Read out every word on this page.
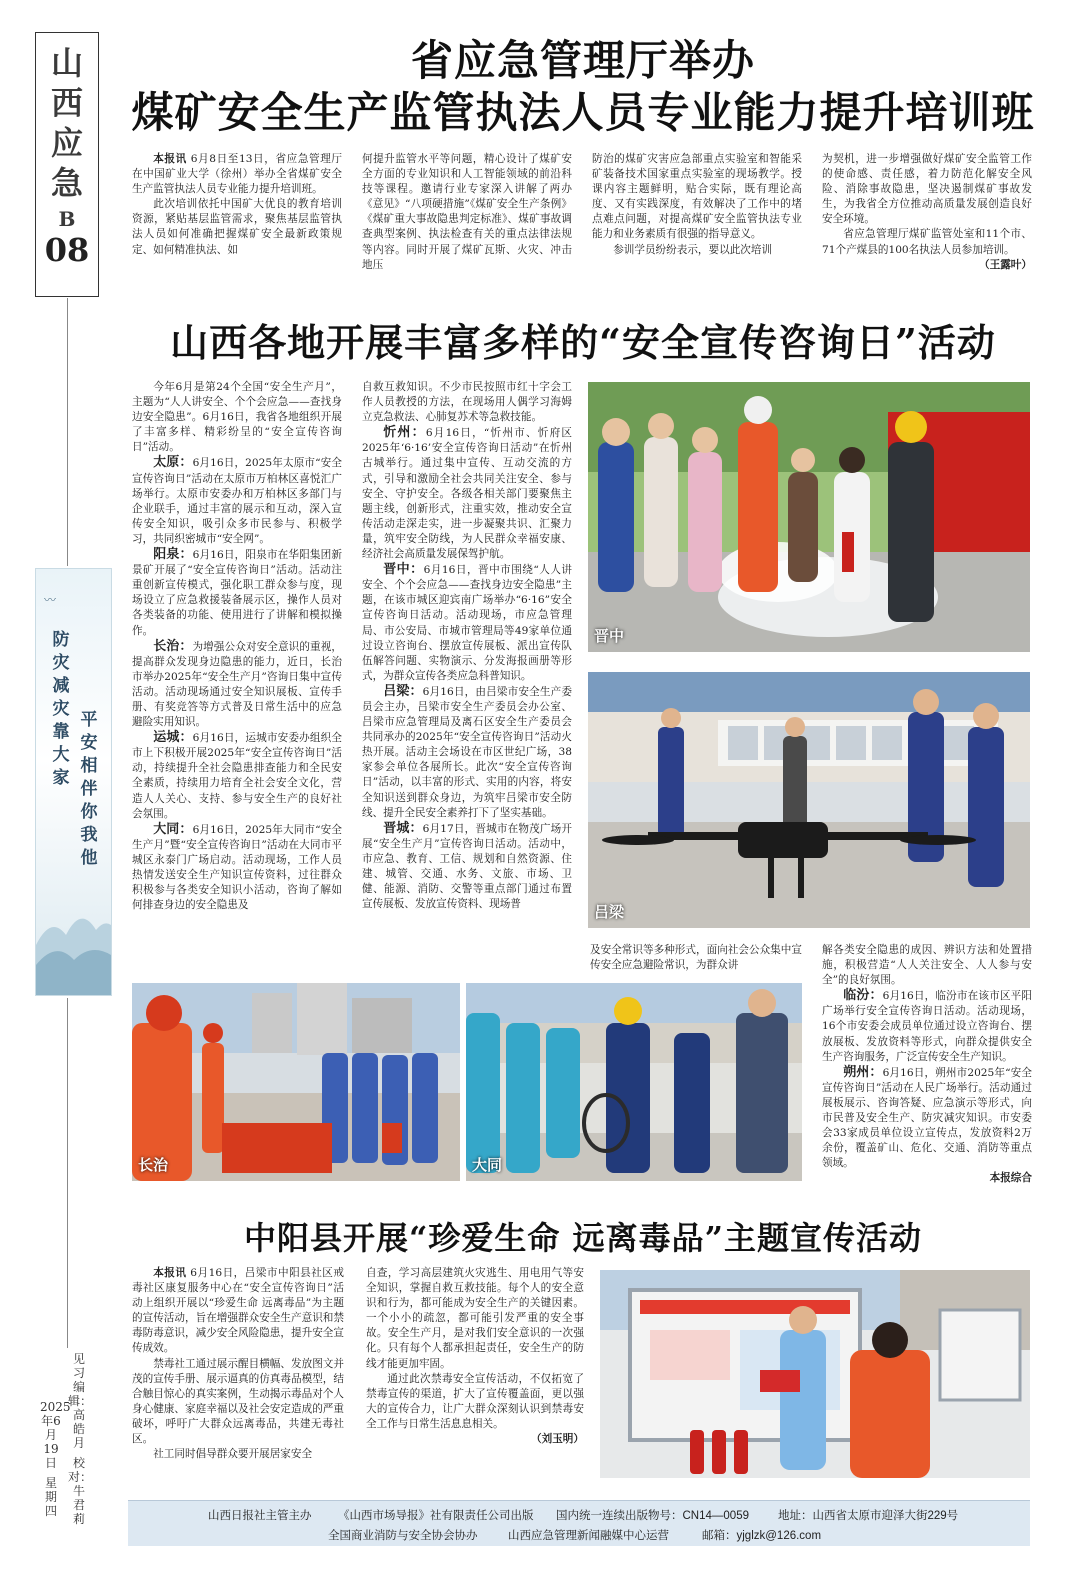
山
西
应
急
B
08
〰
防灾减灾靠大家
平安相伴你我他
见习编辑：高皓月
校对：牛君莉
2025年6月19日
星期四
省应急管理厅举办
煤矿安全生产监管执法人员专业能力提升培训班

本报讯 6月8日至13日，省应急管理厅在中国矿业大学（徐州）举办全省煤矿安全生产监管执法人员专业能力提升培训班。

此次培训依托中国矿大优良的教育培训资源，紧贴基层监管需求，聚焦基层监管执法人员如何准确把握煤矿安全最新政策规定、如何精准执法、如

何提升监管水平等问题，精心设计了煤矿安全方面的专业知识和人工智能领域的前沿科技等课程。邀请行业专家深入讲解了两办《意见》“八项硬措施”《煤矿安全生产条例》《煤矿重大事故隐患判定标准》、煤矿事故调查典型案例、执法检查有关的重点法律法规等内容。同时开展了煤矿瓦斯、火灾、冲击地压

防治的煤矿灾害应急部重点实验室和智能采矿装备技术国家重点实验室的现场教学。授课内容主题鲜明，贴合实际，既有理论高度、又有实践深度，有效解决了工作中的堵点难点问题，对提高煤矿安全监管执法专业能力和业务素质有很强的指导意义。

参训学员纷纷表示，要以此次培训

为契机，进一步增强做好煤矿安全监管工作的使命感、责任感，着力防范化解安全风险、消除事故隐患，坚决遏制煤矿事故发生，为我省全方位推动高质量发展创造良好安全环境。

省应急管理厅煤矿监管处室和11个市、71个产煤县的100名执法人员参加培训。

（王露叶）

山西各地开展丰富多样的“安全宣传咨询日”活动

今年6月是第24个全国“安全生产月”，主题为“人人讲安全、个个会应急——查找身边安全隐患”。6月16日，我省各地组织开展了丰富多样、精彩纷呈的“安全宣传咨询日”活动。

太原：6月16日，2025年太原市“安全宣传咨询日”活动在太原市万柏林区喜悦汇广场举行。太原市安委办和万柏林区多部门与企业联手，通过丰富的展示和互动，深入宣传安全知识，吸引众多市民参与、积极学习，共同织密城市“安全网”。

阳泉：6月16日，阳泉市在华阳集团新景矿开展了“安全宣传咨询日”活动。活动注重创新宣传模式，强化职工群众参与度，现场设立了应急救援装备展示区，操作人员对各类装备的功能、使用进行了讲解和模拟操作。

长治：为增强公众对安全意识的重视，提高群众发现身边隐患的能力，近日，长治市举办2025年“安全生产月”咨询日集中宣传活动。活动现场通过安全知识展板、宣传手册、有奖竞答等方式普及日常生活中的应急避险实用知识。

运城：6月16日，运城市安委办组织全市上下积极开展2025年“安全宣传咨询日”活动，持续提升全社会隐患排查能力和全民安全素质，持续用力培育全社会安全文化，营造人人关心、支持、参与安全生产的良好社会氛围。

大同：6月16日，2025年大同市“安全生产月”暨“安全宣传咨询日”活动在大同市平城区永泰门广场启动。活动现场，工作人员热情发送安全生产知识宣传资料，过往群众积极参与各类安全知识小活动，咨询了解如何排查身边的安全隐患及

自救互救知识。不少市民按照市红十字会工作人员教授的方法，在现场用人偶学习海姆立克急救法、心肺复苏术等急救技能。

忻州：6月16日，“忻州市、忻府区2025年‘6·16’安全宣传咨询日活动”在忻州古城举行。通过集中宣传、互动交流的方式，引导和激励全社会共同关注安全、参与安全、守护安全。各级各相关部门要聚焦主题主线，创新形式，注重实效，推动安全宣传活动走深走实，进一步凝聚共识、汇聚力量，筑牢安全防线，为人民群众幸福安康、经济社会高质量发展保驾护航。

晋中：6月16日，晋中市围绕“人人讲安全、个个会应急——查找身边安全隐患”主题，在该市城区迎宾南广场举办“6·16”安全宣传咨询日活动。活动现场，市应急管理局、市公安局、市城市管理局等49家单位通过设立咨询台、摆放宣传展板、派出宣传队伍解答问题、实物演示、分发海报画册等形式，为群众宣传各类应急科普知识。

吕梁：6月16日，由吕梁市安全生产委员会主办，吕梁市安全生产委员会办公室、吕梁市应急管理局及离石区安全生产委员会共同承办的2025年“安全宣传咨询日”活动火热开展。活动主会场设在市区世纪广场，38家参会单位各展所长。此次“安全宣传咨询日”活动，以丰富的形式、实用的内容，将安全知识送到群众身边，为筑牢吕梁市安全防线、提升全民安全素养打下了坚实基础。

晋城：6月17日，晋城市在物茂广场开展“安全生产月”宣传咨询日活动。活动中，市应急、教育、工信、规划和自然资源、住建、城管、交通、水务、文旅、市场、卫健、能源、消防、交警等重点部门通过布置宣传展板、发放宣传资料、现场普

及安全常识等多种形式，面向社会公众集中宣传安全应急避险常识，为群众讲

解各类安全隐患的成因、辨识方法和处置措施，积极营造“人人关注安全、人人参与安全”的良好氛围。

临汾：6月16日，临汾市在该市区平阳广场举行安全宣传咨询日活动。活动现场，16个市安委会成员单位通过设立咨询台、摆放展板、发放资料等形式，向群众提供安全生产咨询服务，广泛宣传安全生产知识。

朔州：6月16日，朔州市2025年“安全宣传咨询日”活动在人民广场举行。活动通过展板展示、咨询答疑、应急演示等形式，向市民普及安全生产、防灾减灾知识。市安委会33家成员单位设立宣传点，发放资料2万余份，覆盖矿山、危化、交通、消防等重点领域。

本报综合

晋中
吕梁
长治	大同
中阳县开展“珍爱生命 远离毒品”主题宣传活动

本报讯 6月16日，吕梁市中阳县社区戒毒社区康复服务中心在“安全宣传咨询日”活动上组织开展以“珍爱生命 远离毒品”为主题的宣传活动，旨在增强群众安全生产意识和禁毒防毒意识，减少安全风险隐患，提升安全宣传成效。

禁毒社工通过展示醒目横幅、发放图文并茂的宣传手册、展示逼真的仿真毒品模型，结合触目惊心的真实案例，生动揭示毒品对个人身心健康、家庭幸福以及社会安定造成的严重破坏，呼吁广大群众远离毒品，共建无毒社区。

社工同时倡导群众要开展居家安全

自查，学习高层建筑火灾逃生、用电用气等安全知识，掌握自救互救技能。每个人的安全意识和行为，都可能成为安全生产的关键因素。一个小小的疏忽，都可能引发严重的安全事故。安全生产月，是对我们安全意识的一次强化。只有每个人都承担起责任，安全生产的防线才能更加牢固。

通过此次禁毒安全宣传活动，不仅拓宽了禁毒宣传的渠道，扩大了宣传覆盖面，更以强大的宣传合力，让广大群众深刻认识到禁毒安全工作与日常生活息息相关。

（刘玉明）

山西日报社主管主办 《山西市场导报》社有限责任公司出版 国内统一连续出版物号：CN14—0059	地址：山西省太原市迎泽大街229号
全国商业消防与安全协会协办	山西应急管理新闻融媒中心运营	邮箱：yjglzk@126.com
